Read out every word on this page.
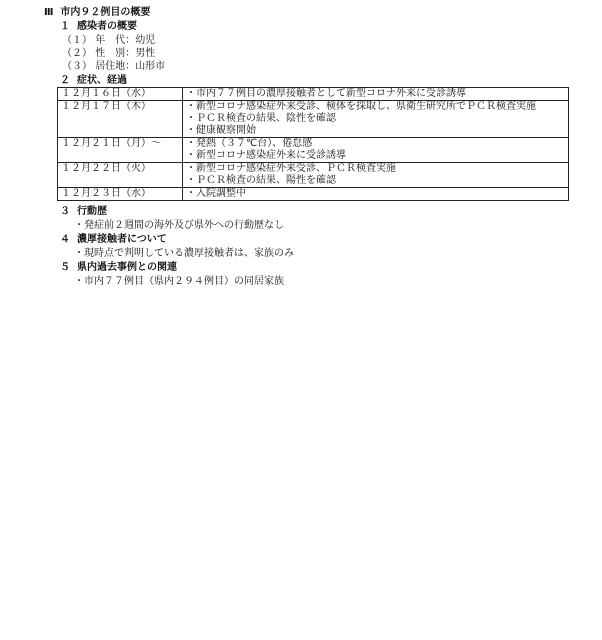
Ⅲ 市内９２例目の概要
１ 感染者の概要
（１） 年　代：幼児
（２） 性　別：男性
（３） 居住地：山形市
２ 症状、経過
１２月１６日（水）	・市内７７例目の濃厚接触者として新型コロナ外来に受診誘導

１２月１７日（木）	・新型コロナ感染症外来受診、検体を採取し、県衛生研究所でＰＣＲ検査実施
・ＰＣＲ検査の結果、陰性を確認
・健康観察開始

１２月２１日（月）～	・発熱（３７℃台）、倦怠感
・新型コロナ感染症外来に受診誘導

１２月２２日（火）	・新型コロナ感染症外来受診、ＰＣＲ検査実施
・ＰＣＲ検査の結果、陽性を確認

１２月２３日（水）	・入院調整中
３ 行動歴
・発症前２週間の海外及び県外への行動歴なし
４ 濃厚接触者について
・現時点で判明している濃厚接触者は、家族のみ
５ 県内過去事例との関連
・市内７７例目（県内２９４例目）の同居家族
